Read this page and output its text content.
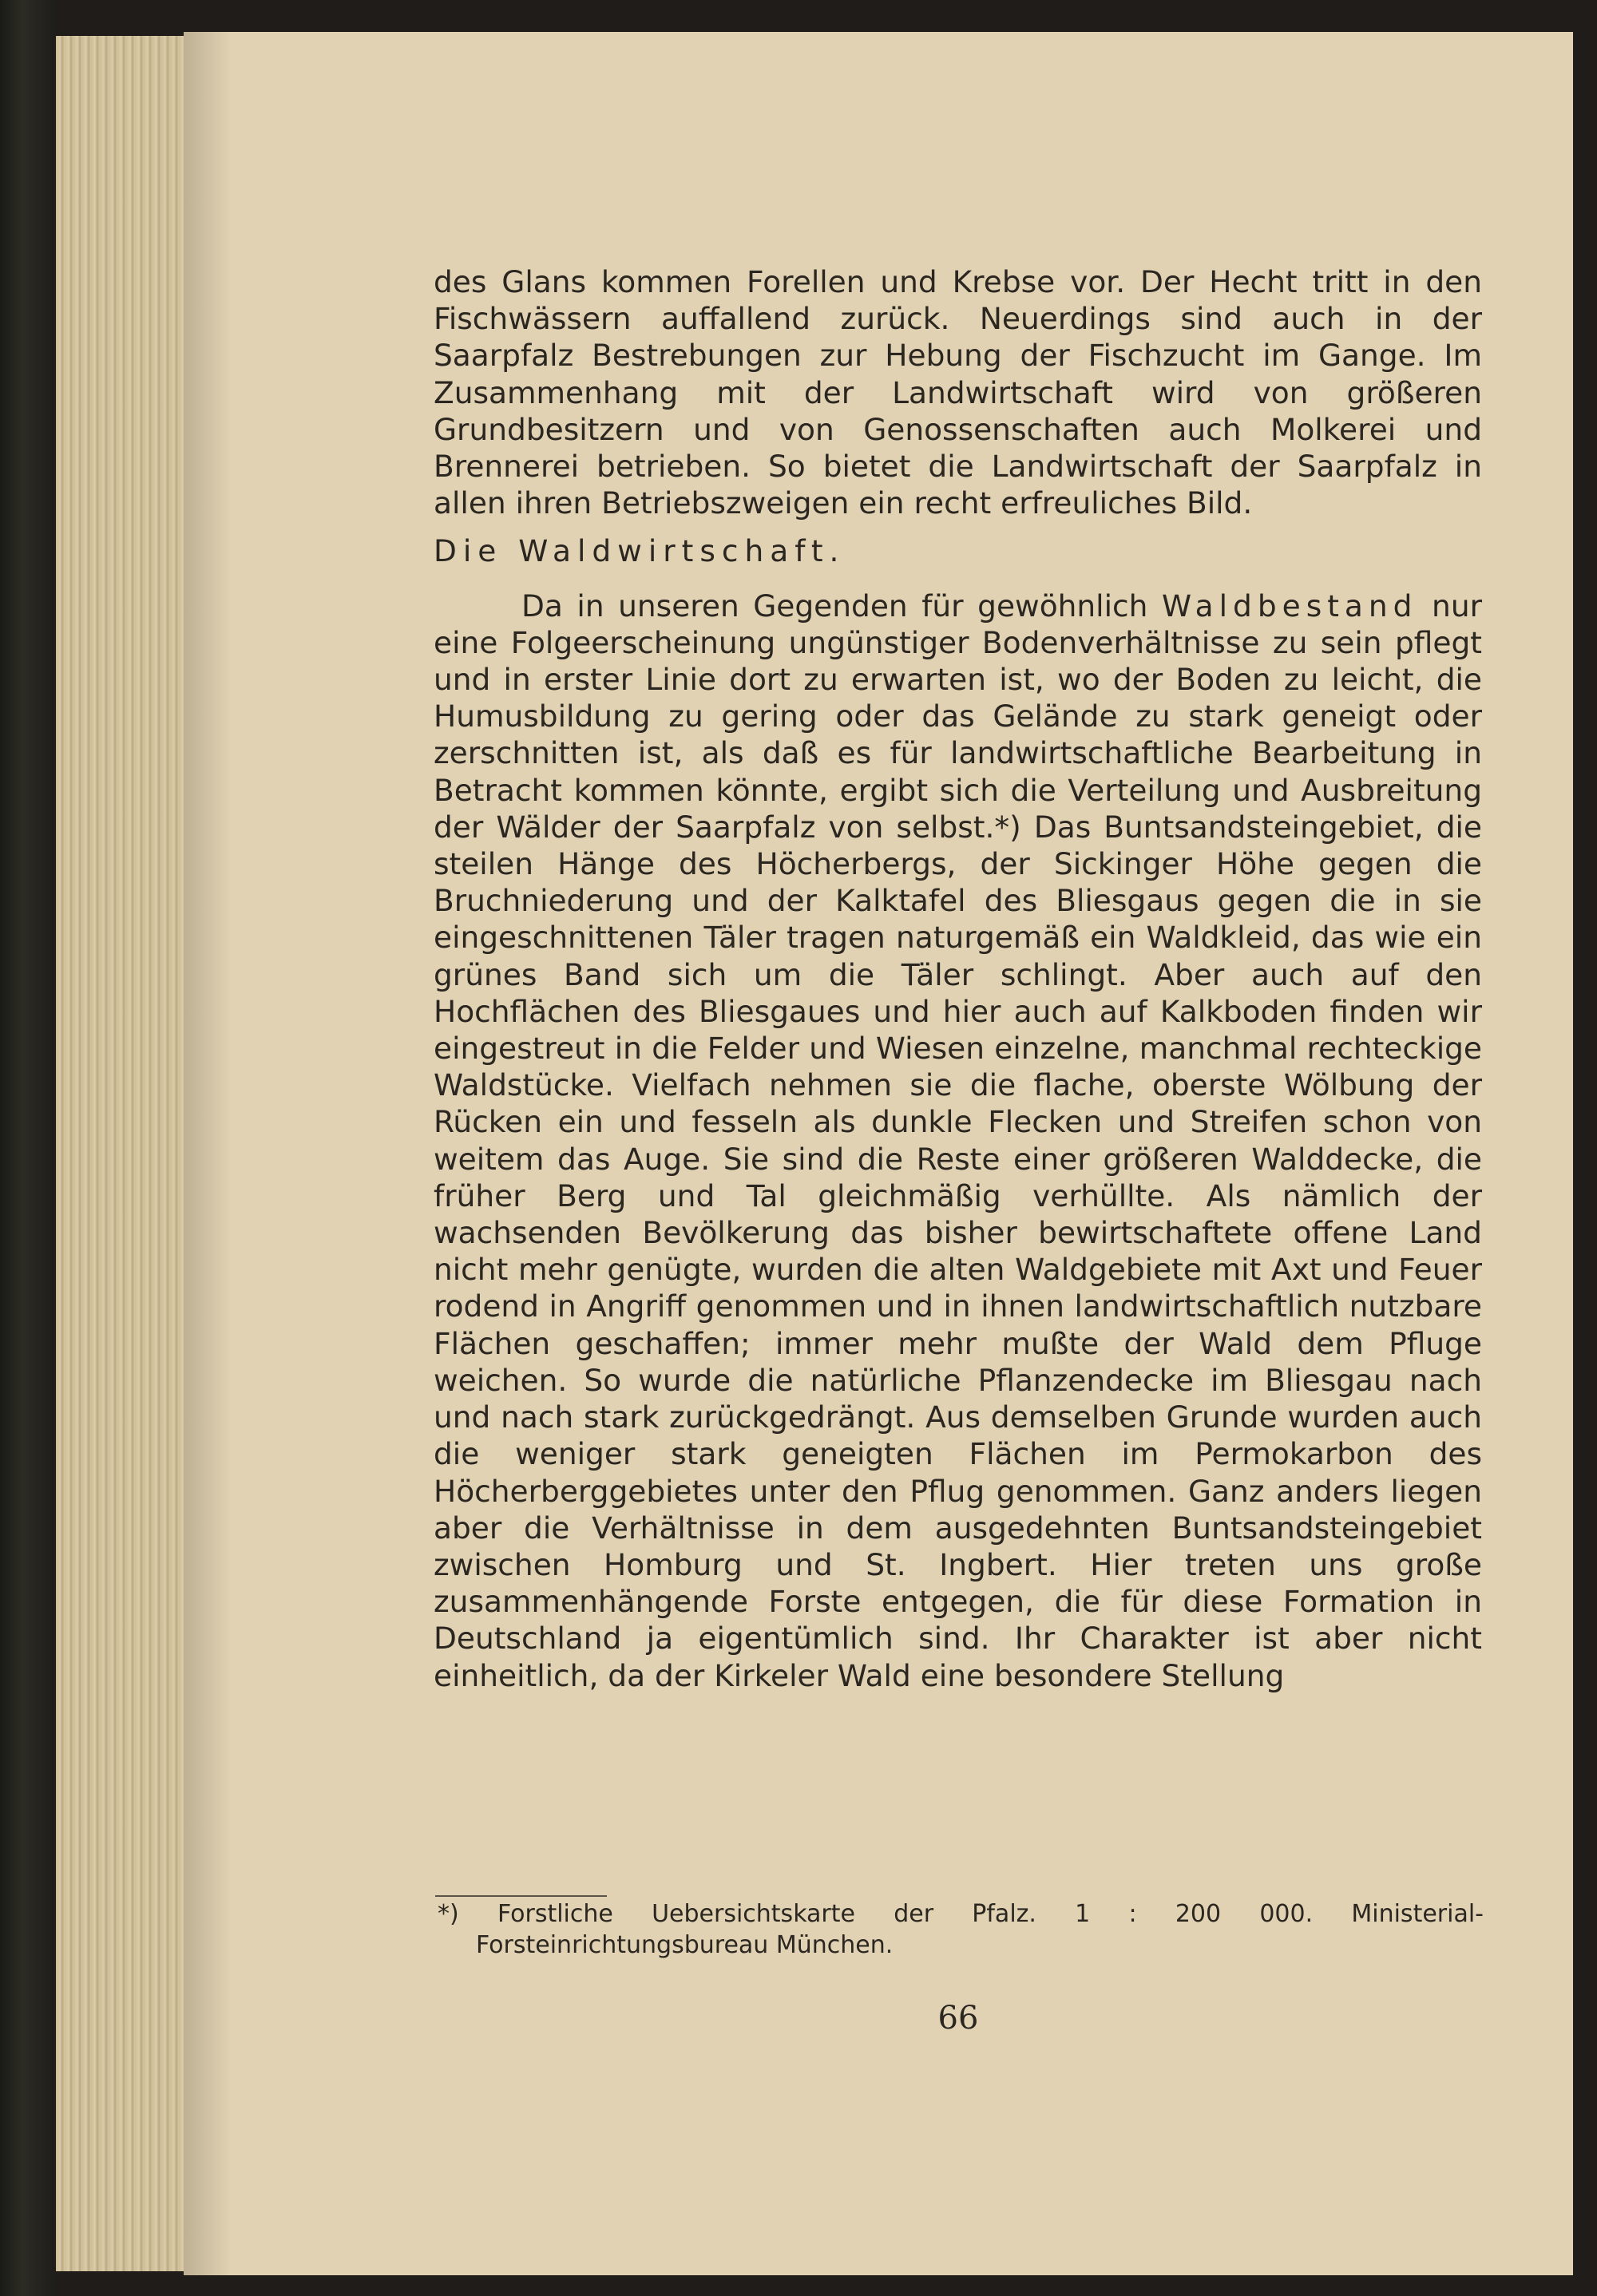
des Glans kommen Forellen und Krebse vor. Der Hecht tritt in den Fischwässern auffallend zurück. Neuerdings sind auch in der Saarpfalz Bestrebungen zur Hebung der Fischzucht im Gange. Im Zusammenhang mit der Landwirtschaft wird von größeren Grundbesitzern und von Genossenschaften auch Molkerei und Brennerei betrieben. So bietet die Landwirtschaft der Saarpfalz in allen ihren Betriebszweigen ein recht erfreuliches Bild.

Die Waldwirtschaft.

Da in unseren Gegenden für gewöhnlich Waldbestand nur eine Folgeerscheinung ungünstiger Bodenverhältnisse zu sein pflegt und in erster Linie dort zu erwarten ist, wo der Boden zu leicht, die Humusbildung zu gering oder das Gelände zu stark geneigt oder zerschnitten ist, als daß es für landwirtschaftliche Bearbeitung in Betracht kommen könnte, ergibt sich die Verteilung und Ausbreitung der Wälder der Saarpfalz von selbst.*) Das Buntsandsteingebiet, die steilen Hänge des Höcherbergs, der Sickinger Höhe gegen die Bruchniederung und der Kalktafel des Bliesgaus gegen die in sie eingeschnittenen Täler tragen naturgemäß ein Waldkleid, das wie ein grünes Band sich um die Täler schlingt. Aber auch auf den Hochflächen des Bliesgaues und hier auch auf Kalkboden finden wir eingestreut in die Felder und Wiesen einzelne, manchmal rechteckige Waldstücke. Vielfach nehmen sie die flache, oberste Wölbung der Rücken ein und fesseln als dunkle Flecken und Streifen schon von weitem das Auge. Sie sind die Reste einer größeren Walddecke, die früher Berg und Tal gleichmäßig verhüllte. Als nämlich der wachsenden Bevölkerung das bisher bewirtschaftete offene Land nicht mehr genügte, wurden die alten Waldgebiete mit Axt und Feuer rodend in Angriff genommen und in ihnen landwirtschaftlich nutzbare Flächen geschaffen; immer mehr mußte der Wald dem Pfluge weichen. So wurde die natürliche Pflanzendecke im Bliesgau nach und nach stark zurückgedrängt. Aus demselben Grunde wurden auch die weniger stark geneigten Flächen im Permokarbon des Höcherberggebietes unter den Pflug genommen. Ganz anders liegen aber die Verhältnisse in dem ausgedehnten Buntsandsteingebiet zwischen Homburg und St. Ingbert. Hier treten uns große zusammenhängende Forste entgegen, die für diese Formation in Deutschland ja eigentümlich sind. Ihr Charakter ist aber nicht einheitlich, da der Kirkeler Wald eine besondere Stellung

*) Forstliche Uebersichtskarte der Pfalz. 1 : 200 000. Ministerial-Forsteinrichtungsbureau München.
66
